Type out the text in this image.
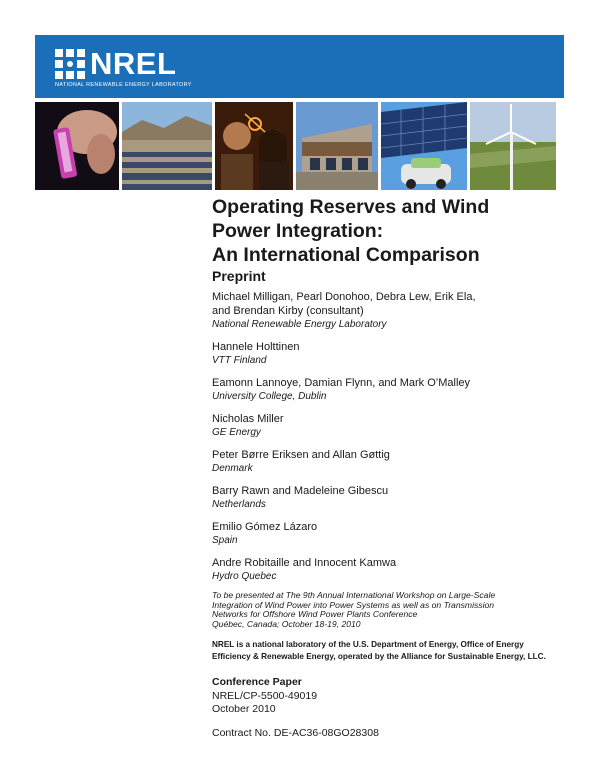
NREL
NATIONAL RENEWABLE ENERGY LABORATORY
Operating Reserves and Wind
Power Integration:
An International Comparison
Preprint
Michael Milligan, Pearl Donohoo, Debra Lew, Erik Ela,
and Brendan Kirby (consultant)
National Renewable Energy Laboratory
Hannele Holttinen
VTT Finland
Eamonn Lannoye, Damian Flynn, and Mark O’Malley
University College, Dublin
Nicholas Miller
GE Energy
Peter Børre Eriksen and Allan Gøttig
Denmark
Barry Rawn and Madeleine Gibescu
Netherlands
Emilio Gómez Lázaro
Spain
Andre Robitaille and Innocent Kamwa
Hydro Quebec
To be presented at The 9th Annual International Workshop on Large-Scale
Integration of Wind Power into Power Systems as well as on Transmission
Networks for Offshore Wind Power Plants Conference
Québec, Canada; October 18-19, 2010
NREL is a national laboratory of the U.S. Department of Energy, Office of Energy
Efficiency & Renewable Energy, operated by the Alliance for Sustainable Energy, LLC.
Conference Paper
NREL/CP-5500-49019
October 2010
Contract No. DE-AC36-08GO28308
